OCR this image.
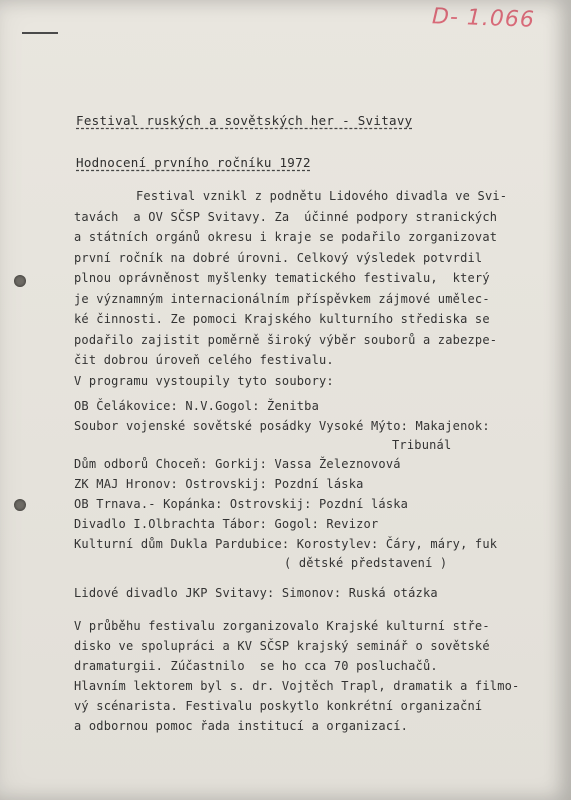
D- 1.066
Festival ruských a sovětských her - Svitavy
Hodnocení prvního ročníku 1972
Festival vznikl z podnětu Lidového divadla ve Svi-
tavách  a OV SČSP Svitavy. Za  účinné podpory stranických
a státních orgánů okresu i kraje se podařilo zorganizovat
první ročník na dobré úrovni. Celkový výsledek potvrdil
plnou oprávněnost myšlenky tematického festivalu,  který
je významným internacionálním příspěvkem zájmové umělec-
ké činnosti. Ze pomoci Krajského kulturního střediska se
podařilo zajistit poměrně široký výběr souborů a zabezpe-
čit dobrou úroveň celého festivalu.
V programu vystoupily tyto soubory:
OB Čelákovice: N.V.Gogol: Ženitba
Soubor vojenské sovětské posádky Vysoké Mýto: Makajenok:
Tribunál
Dům odborů Choceň: Gorkij: Vassa Železnovová
ZK MAJ Hronov: Ostrovskij: Pozdní láska
OB Trnava.- Kopánka: Ostrovskij: Pozdní láska
Divadlo I.Olbrachta Tábor: Gogol: Revizor
Kulturní dům Dukla Pardubice: Korostylev: Čáry, máry, fuk
( dětské představení )
Lidové divadlo JKP Svitavy: Simonov: Ruská otázka
V průběhu festivalu zorganizovalo Krajské kulturní stře-
disko ve spolupráci a KV SČSP krajský seminář o sovětské
dramaturgii. Zúčastnilo  se ho cca 70 posluchačů.
Hlavním lektorem byl s. dr. Vojtěch Trapl, dramatik a filmo-
vý scénarista. Festivalu poskytlo konkrétní organizační
a odbornou pomoc řada institucí a organizací.
